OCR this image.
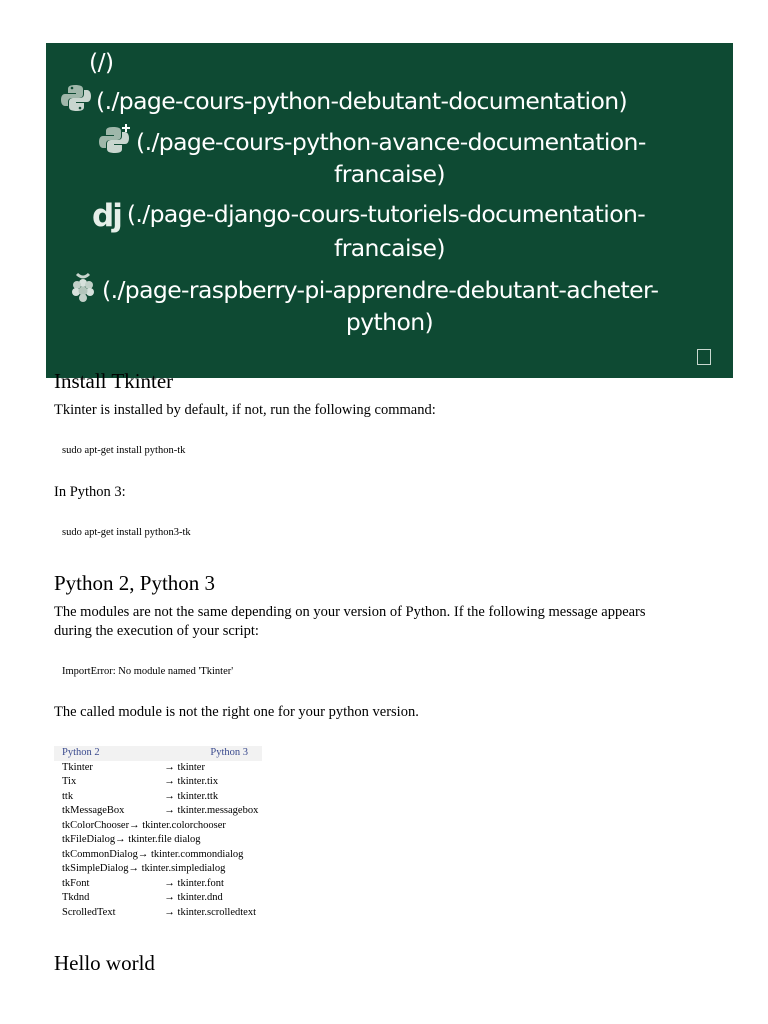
(/)
(./page-cours-python-debutant-documentation)
(./page-cours-python-avance-documentation-
francaise)
dj (./page-django-cours-tutoriels-documentation-
francaise)
(./page-raspberry-pi-apprendre-debutant-acheter-
python)
Install Tkinter

Tkinter is installed by default, if not, run the following command:

sudo apt-get install python-tk

In Python 3:

sudo apt-get install python3-tk
Python 2, Python 3

The modules are not the same depending on your version of Python. If the following message appears

during the execution of your script:

ImportError: No module named 'Tkinter'

The called module is not the right one for your python version.

Python 2	Python 3
Tkinter	→ tkinter
Tix	→ tkinter.tix
ttk	→ tkinter.ttk
tkMessageBox	→ tkinter.messagebox
tkColorChooser→ tkinter.colorchooser	
tkFileDialog→ tkinter.file dialog	
tkCommonDialog→ tkinter.commondialog	
tkSimpleDialog→ tkinter.simpledialog	
tkFont	→ tkinter.font
Tkdnd	→ tkinter.dnd
ScrolledText	→ tkinter.scrolledtext
Hello world
